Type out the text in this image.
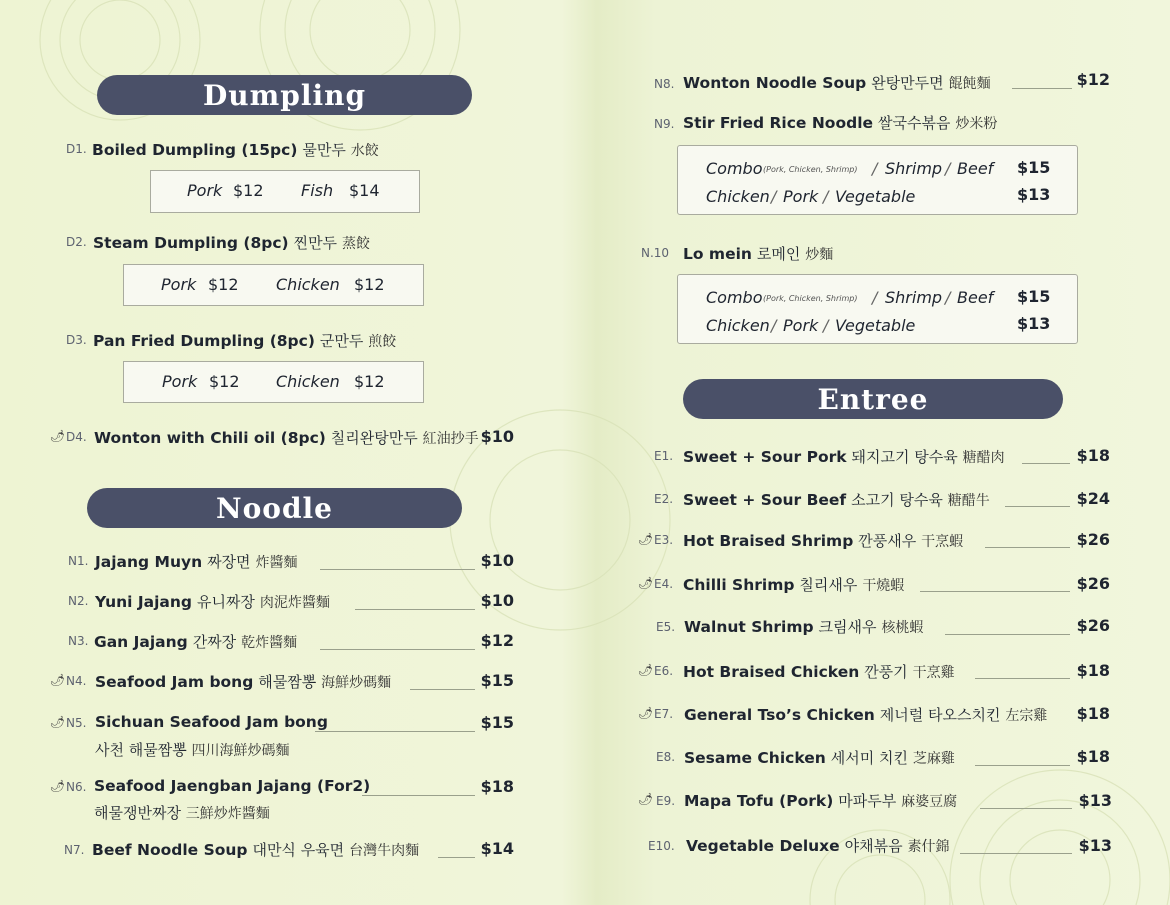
Dumpling
D1. Boiled Dumpling (15pc) 물만두 水餃
Pork $12 Fish $14
D2. Steam Dumpling (8pc) 찐만두 蒸餃
Pork $12 Chicken $12
D3. Pan Fried Dumpling (8pc) 군만두 煎餃
Pork $12 Chicken $12
🌶 D4. Wonton with Chili oil (8pc) 칠리완탕만두 紅油抄手 $10
Noodle
N1. Jajang Muyn 짜장면 炸醬麵	$10
N2. Yuni Jajang 유니짜장 肉泥炸醬麵	$10
N3. Gan Jajang 간짜장 乾炸醬麵	$12
🌶 N4. Seafood Jam bong 해물짬뽕 海鮮炒碼麵	$15
🌶 N5. Sichuan Seafood Jam bong	$15
사천 해물짬뽕 四川海鮮炒碼麵
🌶 N6. Seafood Jaengban Jajang (For2)	$18
해물쟁반짜장 三鮮炒炸醬麵
N7. Beef Noodle Soup 대만식 우육면 台灣牛肉麵	$14
N8. Wonton Noodle Soup 완탕만두면 餛飩麵	$12
N9. Stir Fried Rice Noodle 쌀국수볶음 炒米粉
Combo (Pork, Chicken, Shrimp) / Shrimp / Beef $15
Chicken / Pork / Vegetable	$13
N.10 Lo mein 로메인 炒麵
Combo (Pork, Chicken, Shrimp) / Shrimp / Beef $15
Chicken / Pork / Vegetable	$13
Entree
E1. Sweet + Sour Pork 돼지고기 탕수육 糖醋肉	$18
E2. Sweet + Sour Beef 소고기 탕수육 糖醋牛	$24
🌶 E3. Hot Braised Shrimp 깐풍새우 干烹蝦	$26
🌶 E4. Chilli Shrimp 칠리새우 干燒蝦	$26
E5. Walnut Shrimp 크림새우 核桃蝦	$26
🌶 E6. Hot Braised Chicken 깐풍기 干烹雞	$18
🌶 E7. General Tso’s Chicken 제너럴 타오스치킨 左宗雞	$18
E8. Sesame Chicken 세서미 치킨 芝麻雞	$18
🌶 E9. Mapa Tofu (Pork) 마파두부 麻婆豆腐	$13
E10. Vegetable Deluxe 야채볶음 素什錦	$13
